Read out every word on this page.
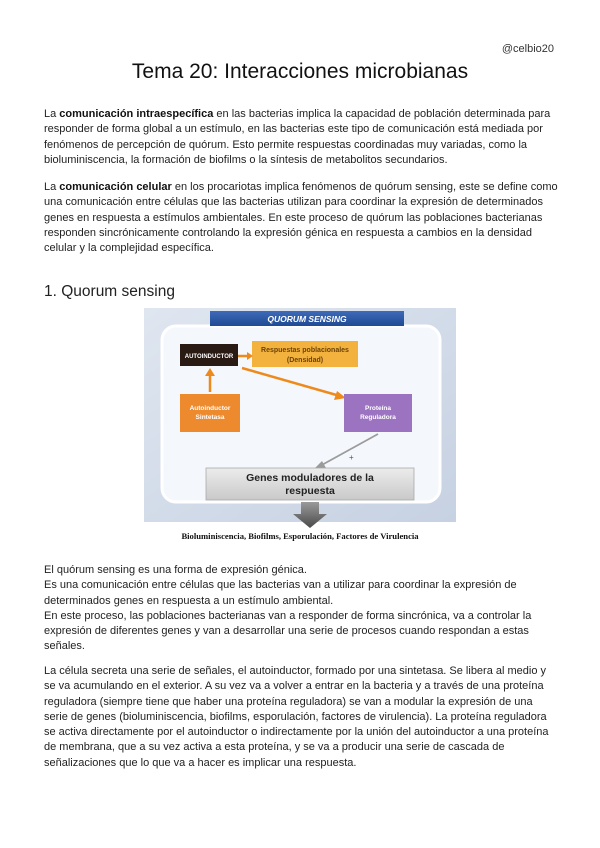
@celbio20
Tema 20: Interacciones microbianas
La comunicación intraespecífica en las bacterias implica la capacidad de población determinada para responder de forma global a un estímulo, en las bacterias este tipo de comunicación está mediada por fenómenos de percepción de quórum. Esto permite respuestas coordinadas muy variadas, como la bioluminiscencia, la formación de biofilms o la síntesis de metabolitos secundarios.
La comunicación celular en los procariotas implica fenómenos de quórum sensing, este se define como una comunicación entre células que las bacterias utilizan para coordinar la expresión de determinados genes en respuesta a estímulos ambientales. En este proceso de quórum las poblaciones bacterianas responden sincrónicamente controlando la expresión génica en respuesta a cambios en la densidad celular y la complejidad específica.
1. Quorum sensing
QUORUM SENSING
AUTOINDUCTOR
Respuestas poblacionales
(Densidad)
Autoinductor
Sintetasa
Proteína
Reguladora
+
Genes moduladores de la
respuesta
Bioluminiscencia, Biofilms, Esporulación, Factores de Virulencia
El quórum sensing es una forma de expresión génica.
Es una comunicación entre células que las bacterias van a utilizar para coordinar la expresión de determinados genes en respuesta a un estímulo ambiental.
En este proceso, las poblaciones bacterianas van a responder de forma sincrónica, va a controlar la expresión de diferentes genes y van a desarrollar una serie de procesos cuando respondan a estas señales.
La célula secreta una serie de señales, el autoinductor, formado por una sintetasa. Se libera al medio y se va acumulando en el exterior. A su vez va a volver a entrar en la bacteria y a través de una proteína reguladora (siempre tiene que haber una proteína reguladora) se van a modular la expresión de una serie de genes (bioluminiscencia, biofilms, esporulación, factores de virulencia). La proteína reguladora se activa directamente por el autoinductor o indirectamente por la unión del autoinductor a una proteína de membrana, que a su vez activa a esta proteína, y se va a producir una serie de cascada de señalizaciones que lo que va a hacer es implicar una respuesta.
